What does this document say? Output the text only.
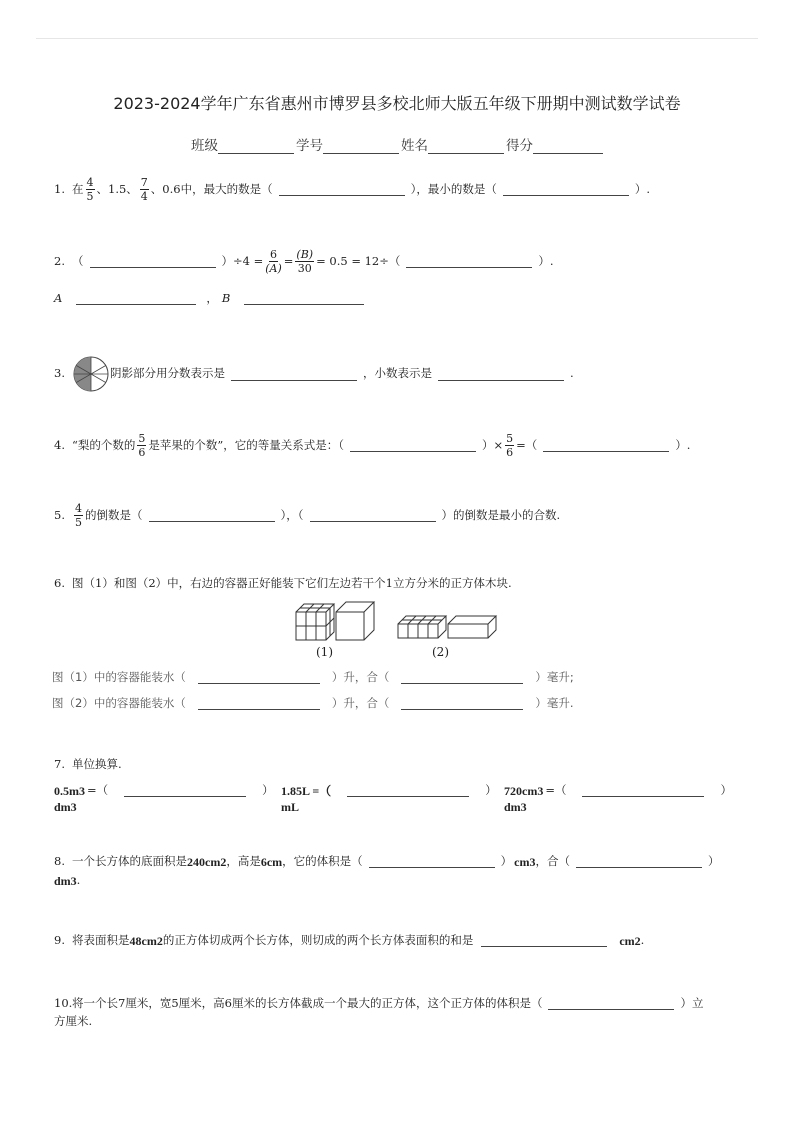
2023-2024学年广东省惠州市博罗县多校北师大版五年级下册期中测试数学试卷
班级	学号	姓名	得分
1. 在 $\frac{4}{5}$ 、1.5、 $\frac{7}{4}$ 、0.6中，最大的数是（	），最小的数是（	）.
2. （	）$\div 4 = \frac{6}{(A)} = \frac{(B)}{30} = 0.5 = 12\div$（	）.
A	， B
3.	阴影部分用分数表示是	，小数表示是	.
4. “梨的个数的 $\frac{5}{6}$ 是苹果的个数”，它的等量关系式是：（	）× $\frac{5}{6}$ =（	）.
5. $\frac{4}{5}$ 的倒数是（	），（	）的倒数是最小的合数.
6. 图（1）和图（2）中，右边的容器正好能装下它们左边若干个1立方分米的正方体木块.
(1)	(2)
图（1）中的容器能装水（	）升，合（	）毫升;
图（2）中的容器能装水（	）升，合（	）毫升.
7. 单位换算.
0.5m 3 =（	）
dm 3
1.85L =（	）
mL
720cm 3 =（	）
dm 3
8. 一个长方体的底面积是 240cm 2 ，高是 6cm ，它的体积是（	） cm 3 ，合（	）
dm 3 .
9. 将表面积是 48cm 2 的正方体切成两个长方体，则切成的两个长方体表面积的和是	cm 2 .
10. 将一个长7厘米，宽5厘米，高6厘米的长方体截成一个最大的正方体，这个正方体的体积是（	）立
方厘米.
